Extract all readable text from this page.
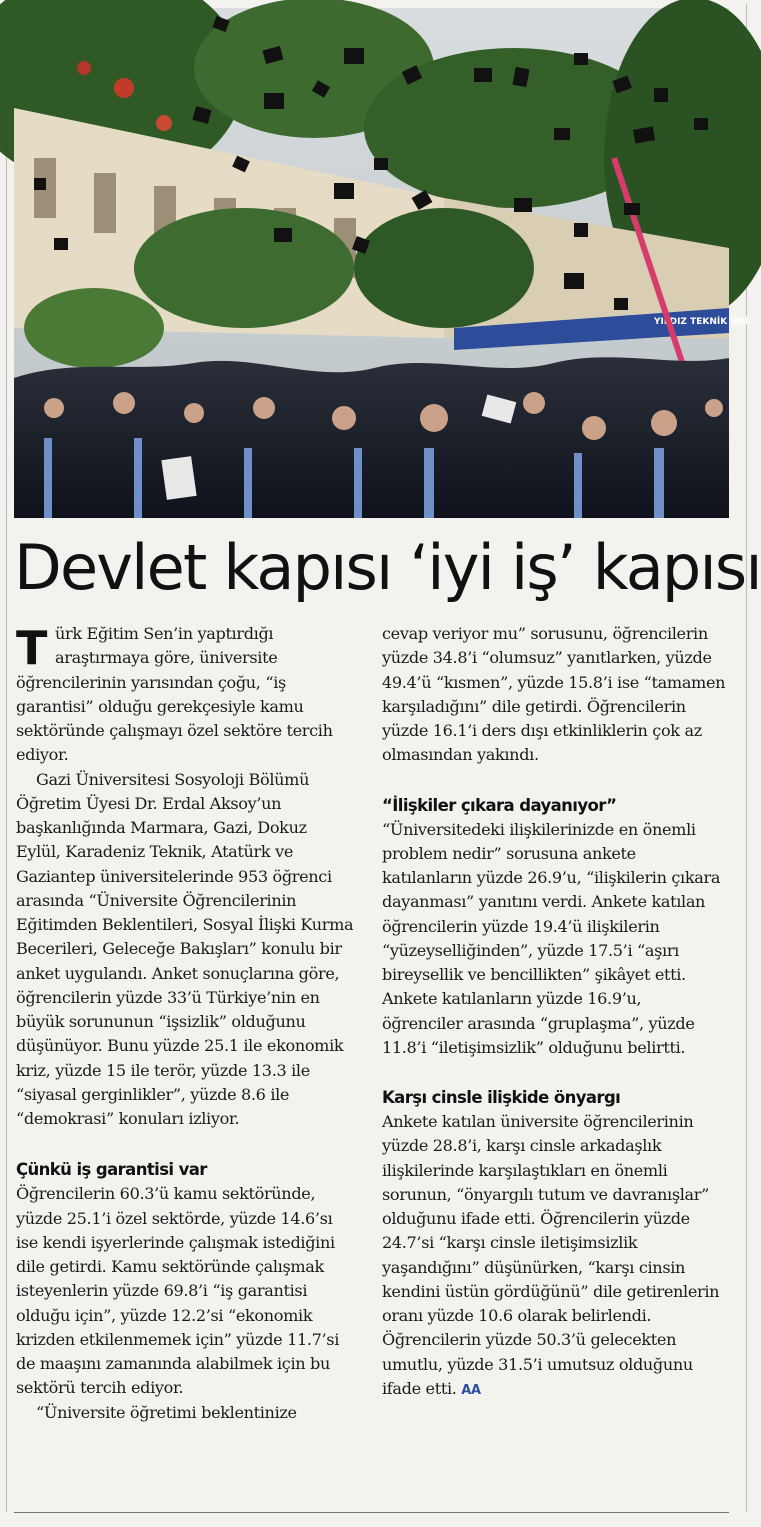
YILDIZ TEKNİK ÜNİ
Devlet kapısı ‘iyi iş’ kapısı

Türk Eğitim Sen’in yaptırdığı araştırmaya göre, üniversite öğrencilerinin yarısından çoğu, “iş garantisi” olduğu gerekçesiyle kamu sektöründe çalışmayı özel sektöre tercih ediyor.

Gazi Üniversitesi Sosyoloji Bölümü Öğretim Üyesi Dr. Erdal Aksoy’un başkanlığında Marmara, Gazi, Dokuz Eylül, Karadeniz Teknik, Atatürk ve Gaziantep üniversitelerinde 953 öğrenci arasında “Üniversite Öğrencilerinin Eğitimden Beklentileri, Sosyal İlişki Kurma Becerileri, Geleceğe Bakışları” konulu bir anket uygulandı. Anket sonuçlarına göre, öğrencilerin yüzde 33’ü Türkiye’nin en büyük sorununun “işsizlik” olduğunu düşünüyor. Bunu yüzde 25.1 ile ekonomik kriz, yüzde 15 ile terör, yüzde 13.3 ile “siyasal gerginlikler”, yüzde 8.6 ile “demokrasi” konuları izliyor.

Çünkü iş garantisi var

Öğrencilerin 60.3’ü kamu sektöründe, yüzde 25.1’i özel sektörde, yüzde 14.6’sı ise kendi işyerlerinde çalışmak istediğini dile getirdi. Kamu sektöründe çalışmak isteyenlerin yüzde 69.8’i “iş garantisi olduğu için”, yüzde 12.2’si “ekonomik krizden etkilenmemek için” yüzde 11.7’si de maaşını zamanında alabilmek için bu sektörü tercih ediyor.

“Üniversite öğretimi beklentinize

cevap veriyor mu” sorusunu, öğrencilerin yüzde 34.8’i “olumsuz” yanıtlarken, yüzde 49.4’ü “kısmen”, yüzde 15.8’i ise “tamamen karşıladığını” dile getirdi. Öğrencilerin yüzde 16.1’i ders dışı etkinliklerin çok az olmasından yakındı.

“İlişkiler çıkara dayanıyor”

“Üniversitedeki ilişkilerinizde en önemli problem nedir” sorusuna ankete katılanların yüzde 26.9’u, “ilişkilerin çıkara dayanması” yanıtını verdi. Ankete katılan öğrencilerin yüzde 19.4’ü ilişkilerin “yüzeyselliğinden”, yüzde 17.5’i “aşırı bireysellik ve bencillikten” şikâyet etti. Ankete katılanların yüzde 16.9’u, öğrenciler arasında “gruplaşma”, yüzde 11.8’i “iletişimsizlik” olduğunu belirtti.

Karşı cinsle ilişkide önyargı

Ankete katılan üniversite öğrencilerinin yüzde 28.8’i, karşı cinsle arkadaşlık ilişkilerinde karşılaştıkları en önemli sorunun, “önyargılı tutum ve davranışlar” olduğunu ifade etti. Öğrencilerin yüzde 24.7’si “karşı cinsle iletişimsizlik yaşandığını” düşünürken, “karşı cinsin kendini üstün gördüğünü” dile getirenlerin oranı yüzde 10.6 olarak belirlendi. Öğrencilerin yüzde 50.3’ü gelecekten umutlu, yüzde 31.5’i umutsuz olduğunu ifade etti. AA
